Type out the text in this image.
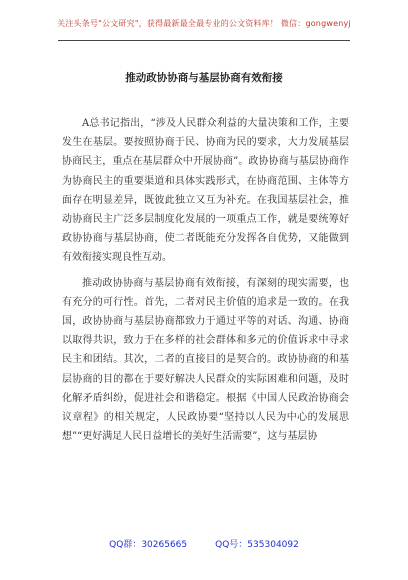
关注头条号"公文研究"，获得最新最全最专业的公文资料库！ 微信：gongwenyj
推动政协协商与基层协商有效衔接

A总书记指出，“涉及人民群众利益的大量决策和工作，主要发生在基层。要按照协商于民、协商为民的要求，大力发展基层协商民主，重点在基层群众中开展协商”。政协协商与基层协商作为协商民主的重要渠道和具体实践形式，在协商范围、主体等方面存在明显差异，既彼此独立又互为补充。在我国基层社会，推动协商民主广泛多层制度化发展的一项重点工作，就是要统筹好政协协商与基层协商，使二者既能充分发挥各自优势，又能做到有效衔接实现良性互动。

推动政协协商与基层协商有效衔接，有深刻的现实需要，也有充分的可行性。首先，二者对民主价值的追求是一致的。在我国，政协协商与基层协商都致力于通过平等的对话、沟通、协商以取得共识，致力于在多样的社会群体和多元的价值诉求中寻求民主和团结。其次，二者的直接目的是契合的。政协协商的和基层协商的目的都在于要好解决人民群众的实际困难和问题，及时化解矛盾纠纷，促进社会和谐稳定。根据《中国人民政治协商会议章程》的相关规定，人民政协要“坚持以人民为中心的发展思想”“更好满足人民日益增长的美好生活需要”，这与基层协

QQ群：30265665	QQ号：535304092
